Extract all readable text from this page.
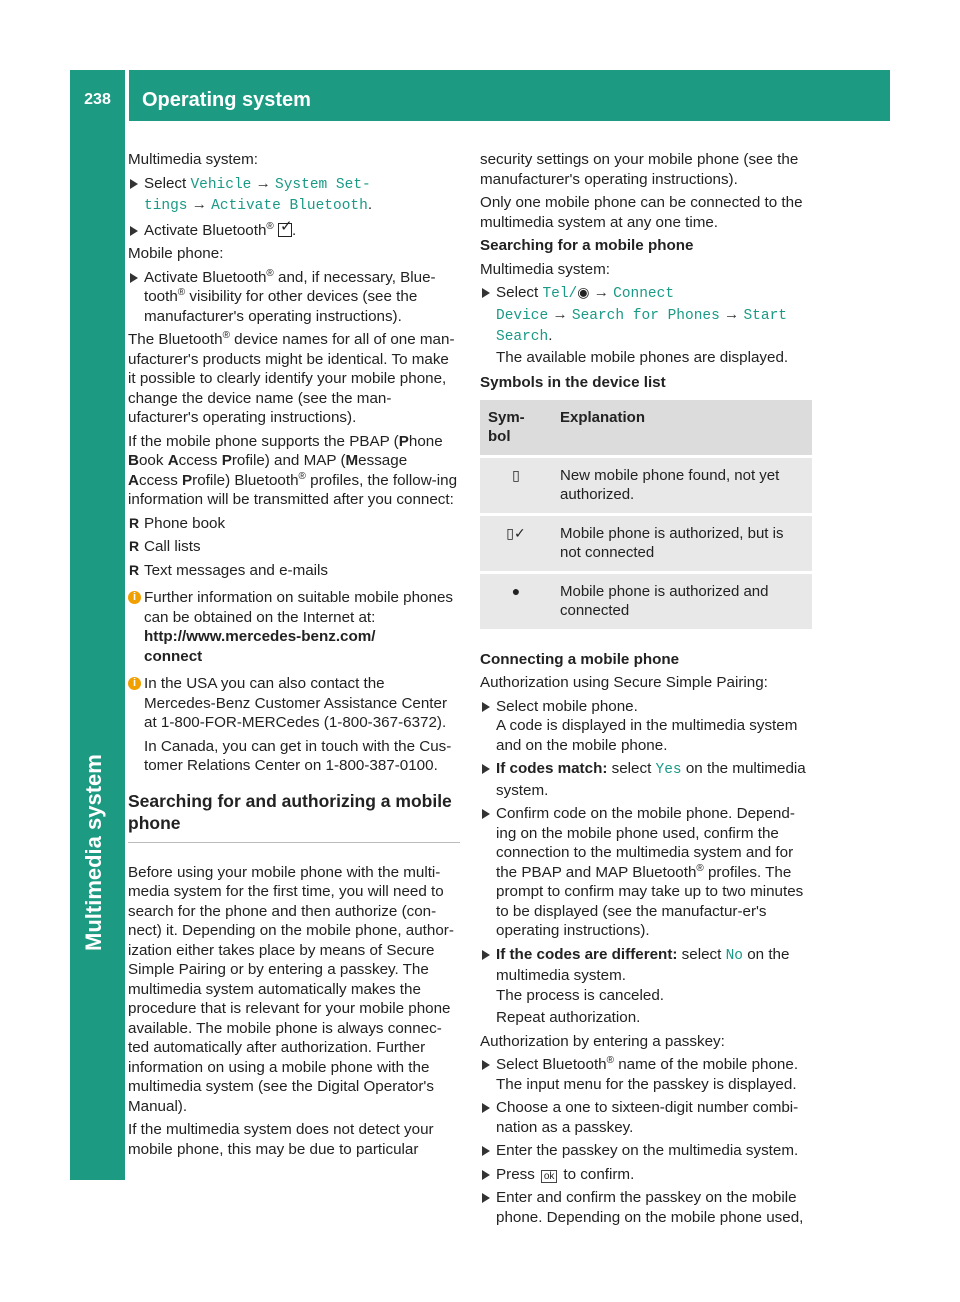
238	Operating system
Multimedia system

Multimedia system:

Select Vehicle → System Set-
tings → Activate Bluetooth.
Activate Bluetooth® ✓ .

Mobile phone:

Activate Bluetooth® and, if necessary, Blue-tooth® visibility for other devices (see the manufacturer's operating instructions).

The Bluetooth® device names for all of one man-ufacturer's products might be identical. To make it possible to clearly identify your mobile phone, change the device name (see the man-ufacturer's operating instructions).

If the mobile phone supports the PBAP (Phone
Book Access Profile) and MAP (Message
Access Profile) Bluetooth® profiles, the follow-ing information will be transmitted after you connect:

R Phone book
R Call lists
R Text messages and e-mails
i Further information on suitable mobile phones can be obtained on the Internet at:
http://www.mercedes-benz.com/
connect
i In the USA you can also contact the Mercedes-Benz Customer Assistance Center at 1-800-FOR-MERCedes (1-800-367-6372).

In Canada, you can get in touch with the Cus-tomer Relations Center on 1-800-387-0100.

Searching for and authorizing a mobile phone

Before using your mobile phone with the multi-media system for the first time, you will need to search for the phone and then authorize (con-nect) it. Depending on the mobile phone, author-ization either takes place by means of Secure Simple Pairing or by entering a passkey. The multimedia system automatically makes the procedure that is relevant for your mobile phone available. The mobile phone is always connec-ted automatically after authorization. Further information on using a mobile phone with the multimedia system (see the Digital Operator's Manual).

If the multimedia system does not detect your mobile phone, this may be due to particular

security settings on your mobile phone (see the manufacturer's operating instructions).

Only one mobile phone can be connected to the multimedia system at any one time.

Searching for a mobile phone

Multimedia system:

Select Tel/◉ → Connect
Device → Search for Phones → Start
Search.
The available mobile phones are displayed.
Symbols in the device list
Sym-bol	Explanation
▯	New mobile phone found, not yet authorized.
▯✓	Mobile phone is authorized, but is not connected
●	Mobile phone is authorized and connected
Connecting a mobile phone

Authorization using Secure Simple Pairing:

Select mobile phone.
A code is displayed in the multimedia system and on the mobile phone.
If codes match: select Yes on the multimedia system.
Confirm code on the mobile phone. Depend-ing on the mobile phone used, confirm the connection to the multimedia system and for the PBAP and MAP Bluetooth® profiles. The prompt to confirm may take up to two minutes to be displayed (see the manufactur-er's operating instructions).
If the codes are different: select No on the multimedia system.
The process is canceled.

Repeat authorization.

Authorization by entering a passkey:

Select Bluetooth® name of the mobile phone. The input menu for the passkey is displayed.
Choose a one to sixteen-digit number combi-nation as a passkey.
Enter the passkey on the multimedia system.
Press ok to confirm.
Enter and confirm the passkey on the mobile phone. Depending on the mobile phone used,
